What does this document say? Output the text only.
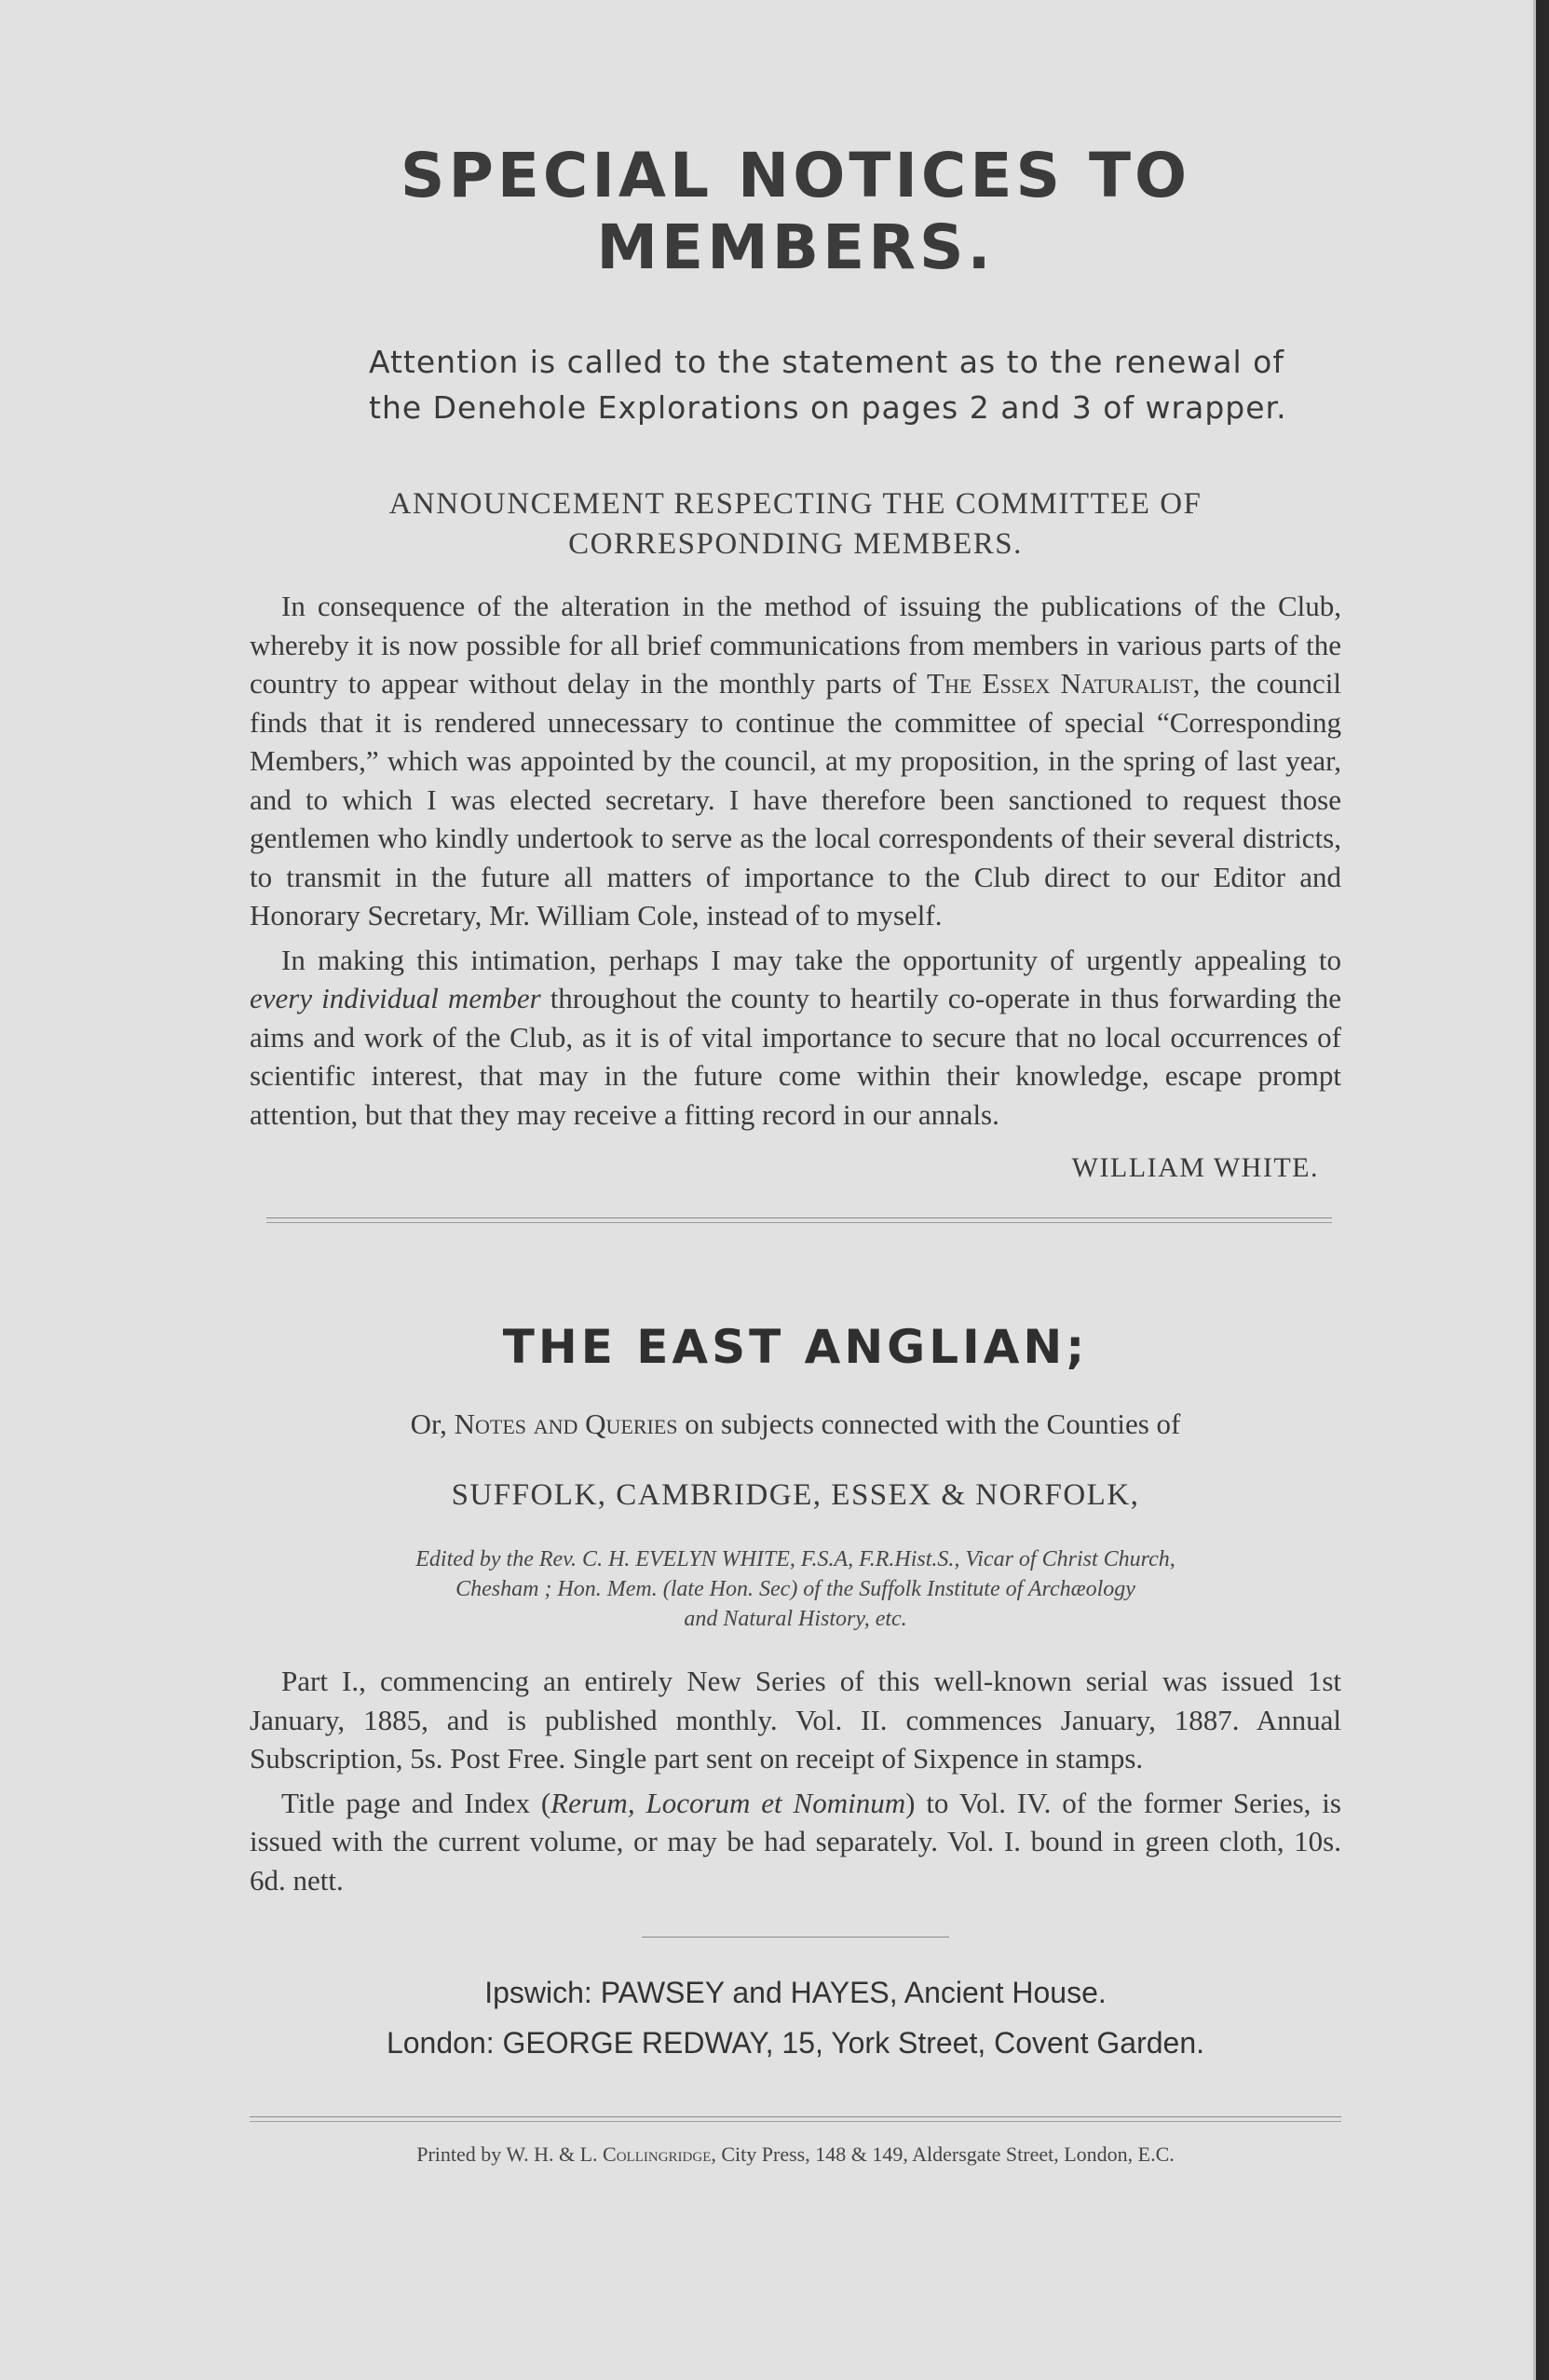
SPECIAL NOTICES TO MEMBERS.

Attention is called to the statement as to the renewal of the Denehole Explorations on pages 2 and 3 of wrapper.

ANNOUNCEMENT RESPECTING THE COMMITTEE OF
CORRESPONDING MEMBERS.

In consequence of the alteration in the method of issuing the publications of the Club, whereby it is now possible for all brief communications from members in various parts of the country to appear without delay in the monthly parts of The Essex Naturalist, the council finds that it is rendered unnecessary to continue the committee of special “Corresponding Members,” which was appointed by the council, at my proposition, in the spring of last year, and to which I was elected secretary. I have therefore been sanctioned to request those gentlemen who kindly undertook to serve as the local correspondents of their several districts, to transmit in the future all matters of importance to the Club direct to our Editor and Honorary Secretary, Mr. William Cole, instead of to myself.

In making this intimation, perhaps I may take the opportunity of urgently appealing to every individual member throughout the county to heartily co-operate in thus forwarding the aims and work of the Club, as it is of vital importance to secure that no local occurrences of scientific interest, that may in the future come within their knowledge, escape prompt attention, but that they may receive a fitting record in our annals.

WILLIAM WHITE.
THE EAST ANGLIAN;
Or, Notes and Queries on subjects connected with the Counties of
SUFFOLK, CAMBRIDGE, ESSEX & NORFOLK,
Edited by the Rev. C. H. EVELYN WHITE, F.S.A, F.R.Hist.S., Vicar of Christ Church,
Chesham ; Hon. Mem. (late Hon. Sec) of the Suffolk Institute of Archæology
and Natural History, etc.

Part I., commencing an entirely New Series of this well-known serial was issued 1st January, 1885, and is published monthly. Vol. II. commences January, 1887. Annual Subscription, 5s. Post Free. Single part sent on receipt of Sixpence in stamps.

Title page and Index (Rerum, Locorum et Nominum) to Vol. IV. of the former Series, is issued with the current volume, or may be had separately. Vol. I. bound in green cloth, 10s. 6d. nett.

Ipswich: PAWSEY and HAYES, Ancient House.
London: GEORGE REDWAY, 15, York Street, Covent Garden.
Printed by W. H. & L. Collingridge, City Press, 148 & 149, Aldersgate Street, London, E.C.
